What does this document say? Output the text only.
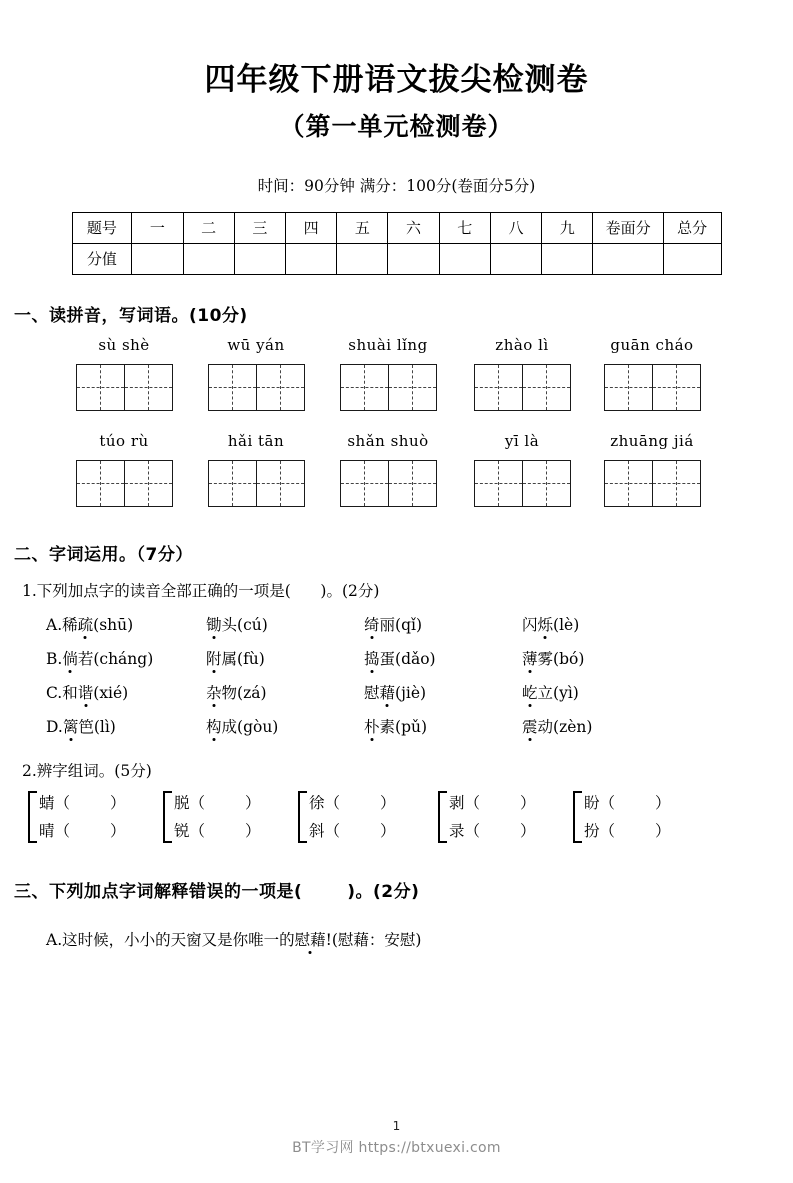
四年级下册语文拔尖检测卷
（第一单元检测卷）
时间：90分钟 满分：100分(卷面分5分)
题号	一	二	三	四	五	六	七	八	九	卷面分	总分
分值											
一、读拼音，写词语。(10分)
sù shè	wū yán	shuài lǐng	zhào lì	guān cháo
túo rù	hǎi tān	shǎn shuò	yī là	zhuāng jiá
二、字词运用。（7分）
1.下列加点字的读音全部正确的一项是( )。(2分)
A.稀疏(shū)	锄头(cú)	绮丽(qǐ)	闪烁(lè)
B.倘若(cháng)	附属(fù)	捣蛋(dǎo)	薄雾(bó)
C.和谐(xié)	杂物(zá)	慰藉(jiè)	屹立(yì)
D.篱笆(lì)	构成(gòu)	朴素(pǔ)	震动(zèn)
2.辨字组词。(5分)
蜻（	）
晴（	）
脱（	）
锐（	）
徐（	）
斜（	）
剥（	）
录（	）
盼（	）
扮（	）
三、下列加点字词解释错误的一项是(	)。(2分)
A.这时候，小小的天窗又是你唯一的慰藉!(慰藉：安慰)
1
BT学习网 https://btxuexi.com
